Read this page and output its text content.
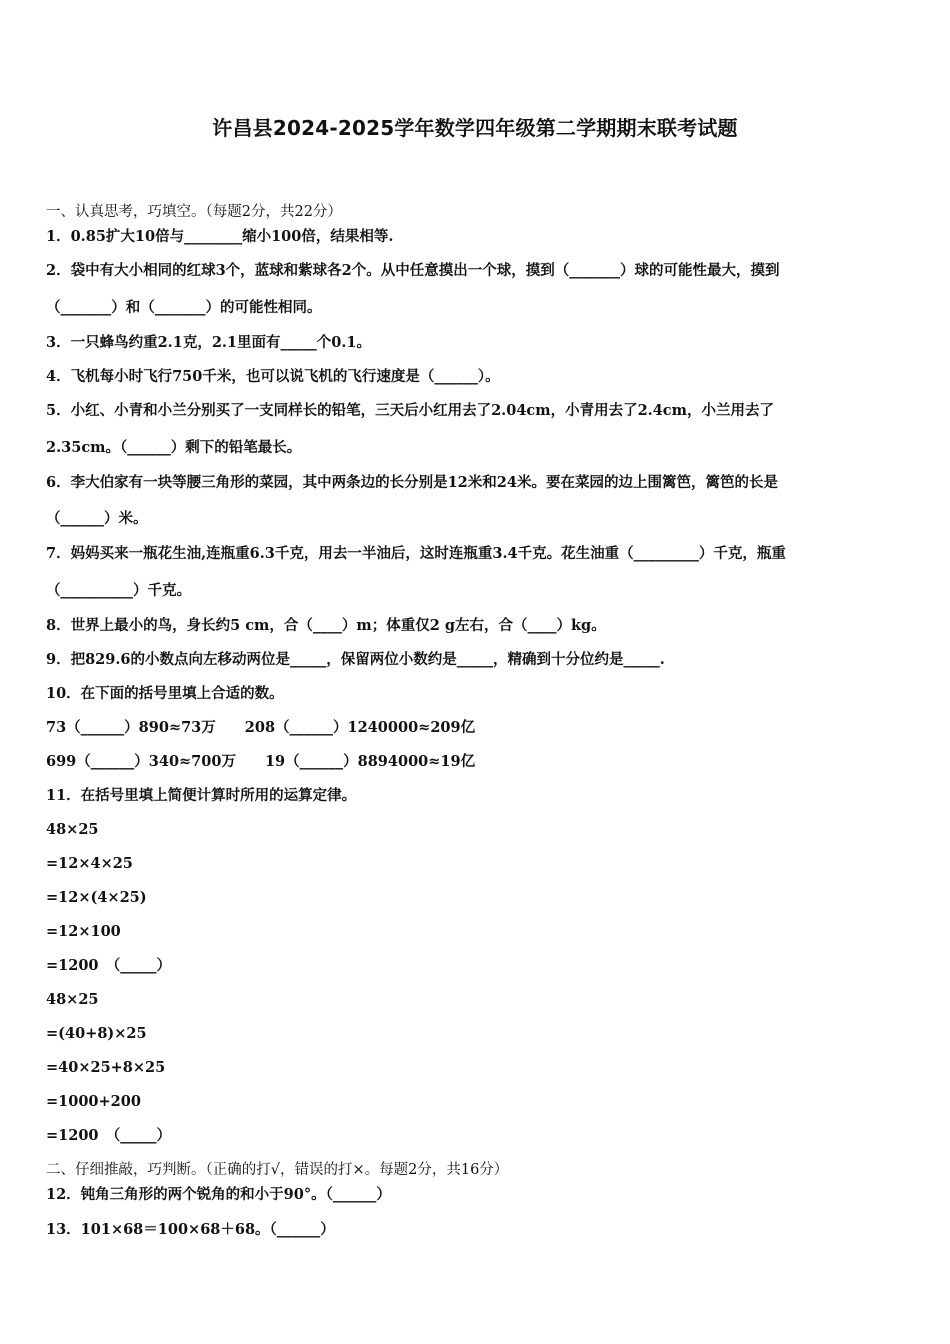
许昌县2024-2025学年数学四年级第二学期期末联考试题
一、认真思考，巧填空。（每题2分，共22分）
1．0.85扩大10倍与________缩小100倍，结果相等.
2．袋中有大小相同的红球3个，蓝球和紫球各2个。从中任意摸出一个球，摸到（_______）球的可能性最大，摸到
（_______）和（_______）的可能性相同。
3．一只蜂鸟约重2.1克，2.1里面有_____个0.1。
4．飞机每小时飞行750千米，也可以说飞机的飞行速度是（______）。
5．小红、小青和小兰分别买了一支同样长的铅笔，三天后小红用去了2.04cm，小青用去了2.4cm，小兰用去了
2.35cm。（______）剩下的铅笔最长。
6．李大伯家有一块等腰三角形的菜园，其中两条边的长分别是12米和24米。要在菜园的边上围篱笆，篱笆的长是
（______）米。
7．妈妈买来一瓶花生油,连瓶重6.3千克，用去一半油后，这时连瓶重3.4千克。花生油重（_________）千克，瓶重
（__________）千克。
8．世界上最小的鸟，身长约5 cm，合（____）m；体重仅2 g左右，合（____）kg。
9．把829.6的小数点向左移动两位是_____，保留两位小数约是_____，精确到十分位约是_____.
10．在下面的括号里填上合适的数。
73（______）890≈73万　　208（______）1240000≈209亿
699（______）340≈700万　　19（______）8894000≈19亿
11．在括号里填上简便计算时所用的运算定律。
48×25
=12×4×25
=12×(4×25)
=12×100
=1200　（_____）
48×25
=(40+8)×25
=40×25+8×25
=1000+200
=1200　（_____）
二、仔细推敲，巧判断。（正确的打√，错误的打×。每题2分，共16分）
12．钝角三角形的两个锐角的和小于90°。（______）
13．101×68＝100×68＋68。（______）
